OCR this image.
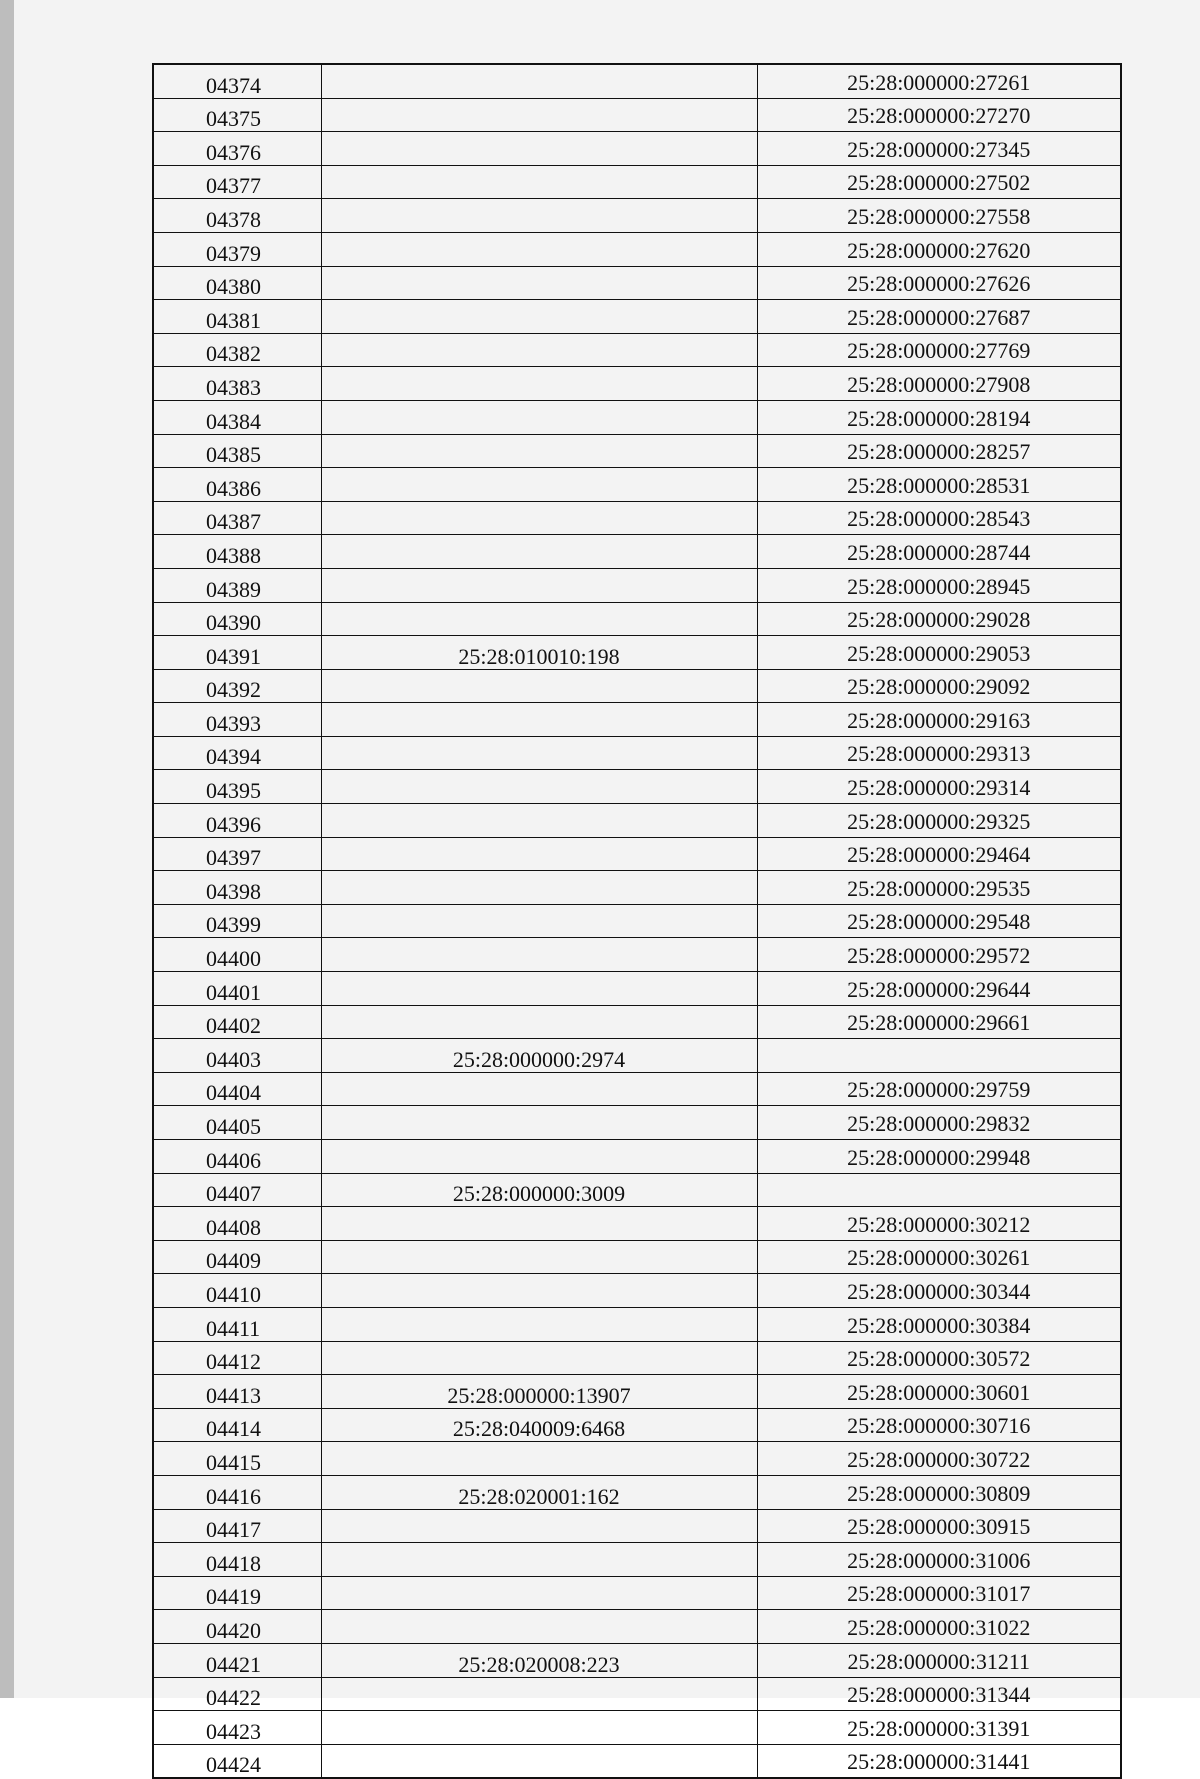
04374		25:28:000000:27261
04375		25:28:000000:27270
04376		25:28:000000:27345
04377		25:28:000000:27502
04378		25:28:000000:27558
04379		25:28:000000:27620
04380		25:28:000000:27626
04381		25:28:000000:27687
04382		25:28:000000:27769
04383		25:28:000000:27908
04384		25:28:000000:28194
04385		25:28:000000:28257
04386		25:28:000000:28531
04387		25:28:000000:28543
04388		25:28:000000:28744
04389		25:28:000000:28945
04390		25:28:000000:29028
04391	25:28:010010:198	25:28:000000:29053
04392		25:28:000000:29092
04393		25:28:000000:29163
04394		25:28:000000:29313
04395		25:28:000000:29314
04396		25:28:000000:29325
04397		25:28:000000:29464
04398		25:28:000000:29535
04399		25:28:000000:29548
04400		25:28:000000:29572
04401		25:28:000000:29644
04402		25:28:000000:29661
04403	25:28:000000:2974	
04404		25:28:000000:29759
04405		25:28:000000:29832
04406		25:28:000000:29948
04407	25:28:000000:3009	
04408		25:28:000000:30212
04409		25:28:000000:30261
04410		25:28:000000:30344
04411		25:28:000000:30384
04412		25:28:000000:30572
04413	25:28:000000:13907	25:28:000000:30601
04414	25:28:040009:6468	25:28:000000:30716
04415		25:28:000000:30722
04416	25:28:020001:162	25:28:000000:30809
04417		25:28:000000:30915
04418		25:28:000000:31006
04419		25:28:000000:31017
04420		25:28:000000:31022
04421	25:28:020008:223	25:28:000000:31211
04422		25:28:000000:31344
04423		25:28:000000:31391
04424		25:28:000000:31441
